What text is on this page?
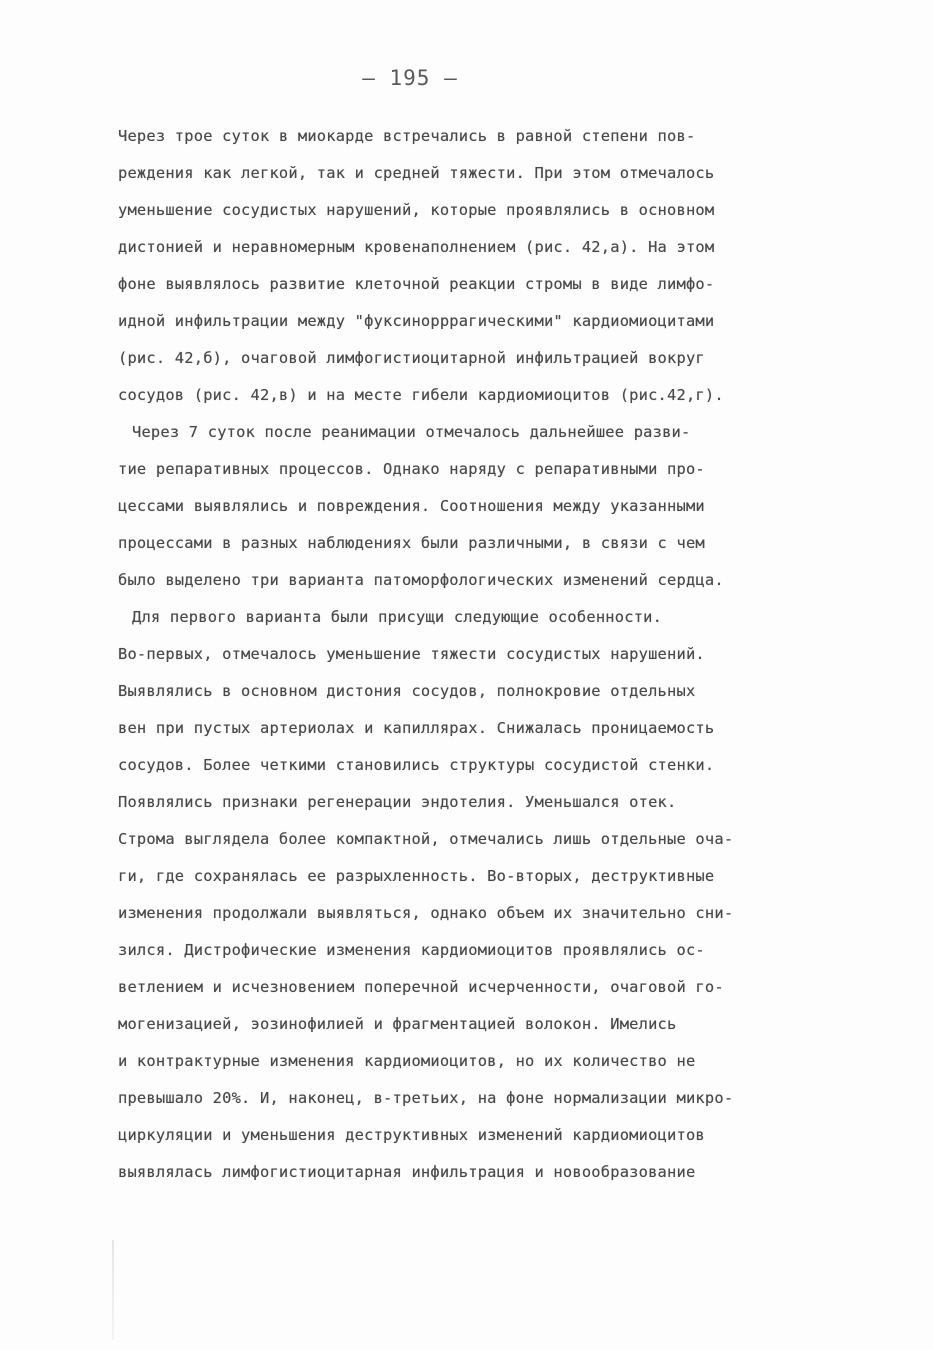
– 195 –
Через трое суток в миокарде встречались в равной степени пов-
реждения как легкой, так и средней тяжести. При этом отмечалось
уменьшение сосудистых нарушений, которые проявлялись в основном
дистонией и неравномерным кровенаполнением (рис. 42,а). На этом
фоне выявлялось развитие клеточной реакции стромы в виде лимфо-
идной инфильтрации между "фуксинорррагическими" кардиомиоцитами
(рис. 42,б), очаговой лимфогистиоцитарной инфильтрацией вокруг
сосудов (рис. 42,в) и на месте гибели кардиомиоцитов (рис.42,г).
Через 7 суток после реанимации отмечалось дальнейшее разви-
тие репаративных процессов. Однако наряду с репаративными про-
цессами выявлялись и повреждения. Соотношения между указанными
процессами в разных наблюдениях были различными, в связи с чем
было выделено три варианта патоморфологических изменений сердца.
Для первого варианта были присущи следующие особенности.
Во-первых, отмечалось уменьшение тяжести сосудистых нарушений.
Выявлялись в основном дистония сосудов, полнокровие отдельных
вен при пустых артериолах и капиллярах. Снижалась проницаемость
сосудов. Более четкими становились структуры сосудистой стенки.
Появлялись признаки регенерации эндотелия. Уменьшался отек.
Строма выглядела более компактной, отмечались лишь отдельные оча-
ги, где сохранялась ее разрыхленность. Во-вторых, деструктивные
изменения продолжали выявляться, однако объем их значительно сни-
зился. Дистрофические изменения кардиомиоцитов проявлялись ос-
ветлением и исчезновением поперечной исчерченности, очаговой го-
могенизацией, эозинофилией и фрагментацией волокон. Имелись
и контрактурные изменения кардиомиоцитов, но их количество не
превышало 20%. И, наконец, в-третьих, на фоне нормализации микро-
циркуляции и уменьшения деструктивных изменений кардиомиоцитов
выявлялась лимфогистиоцитарная инфильтрация и новообразование
